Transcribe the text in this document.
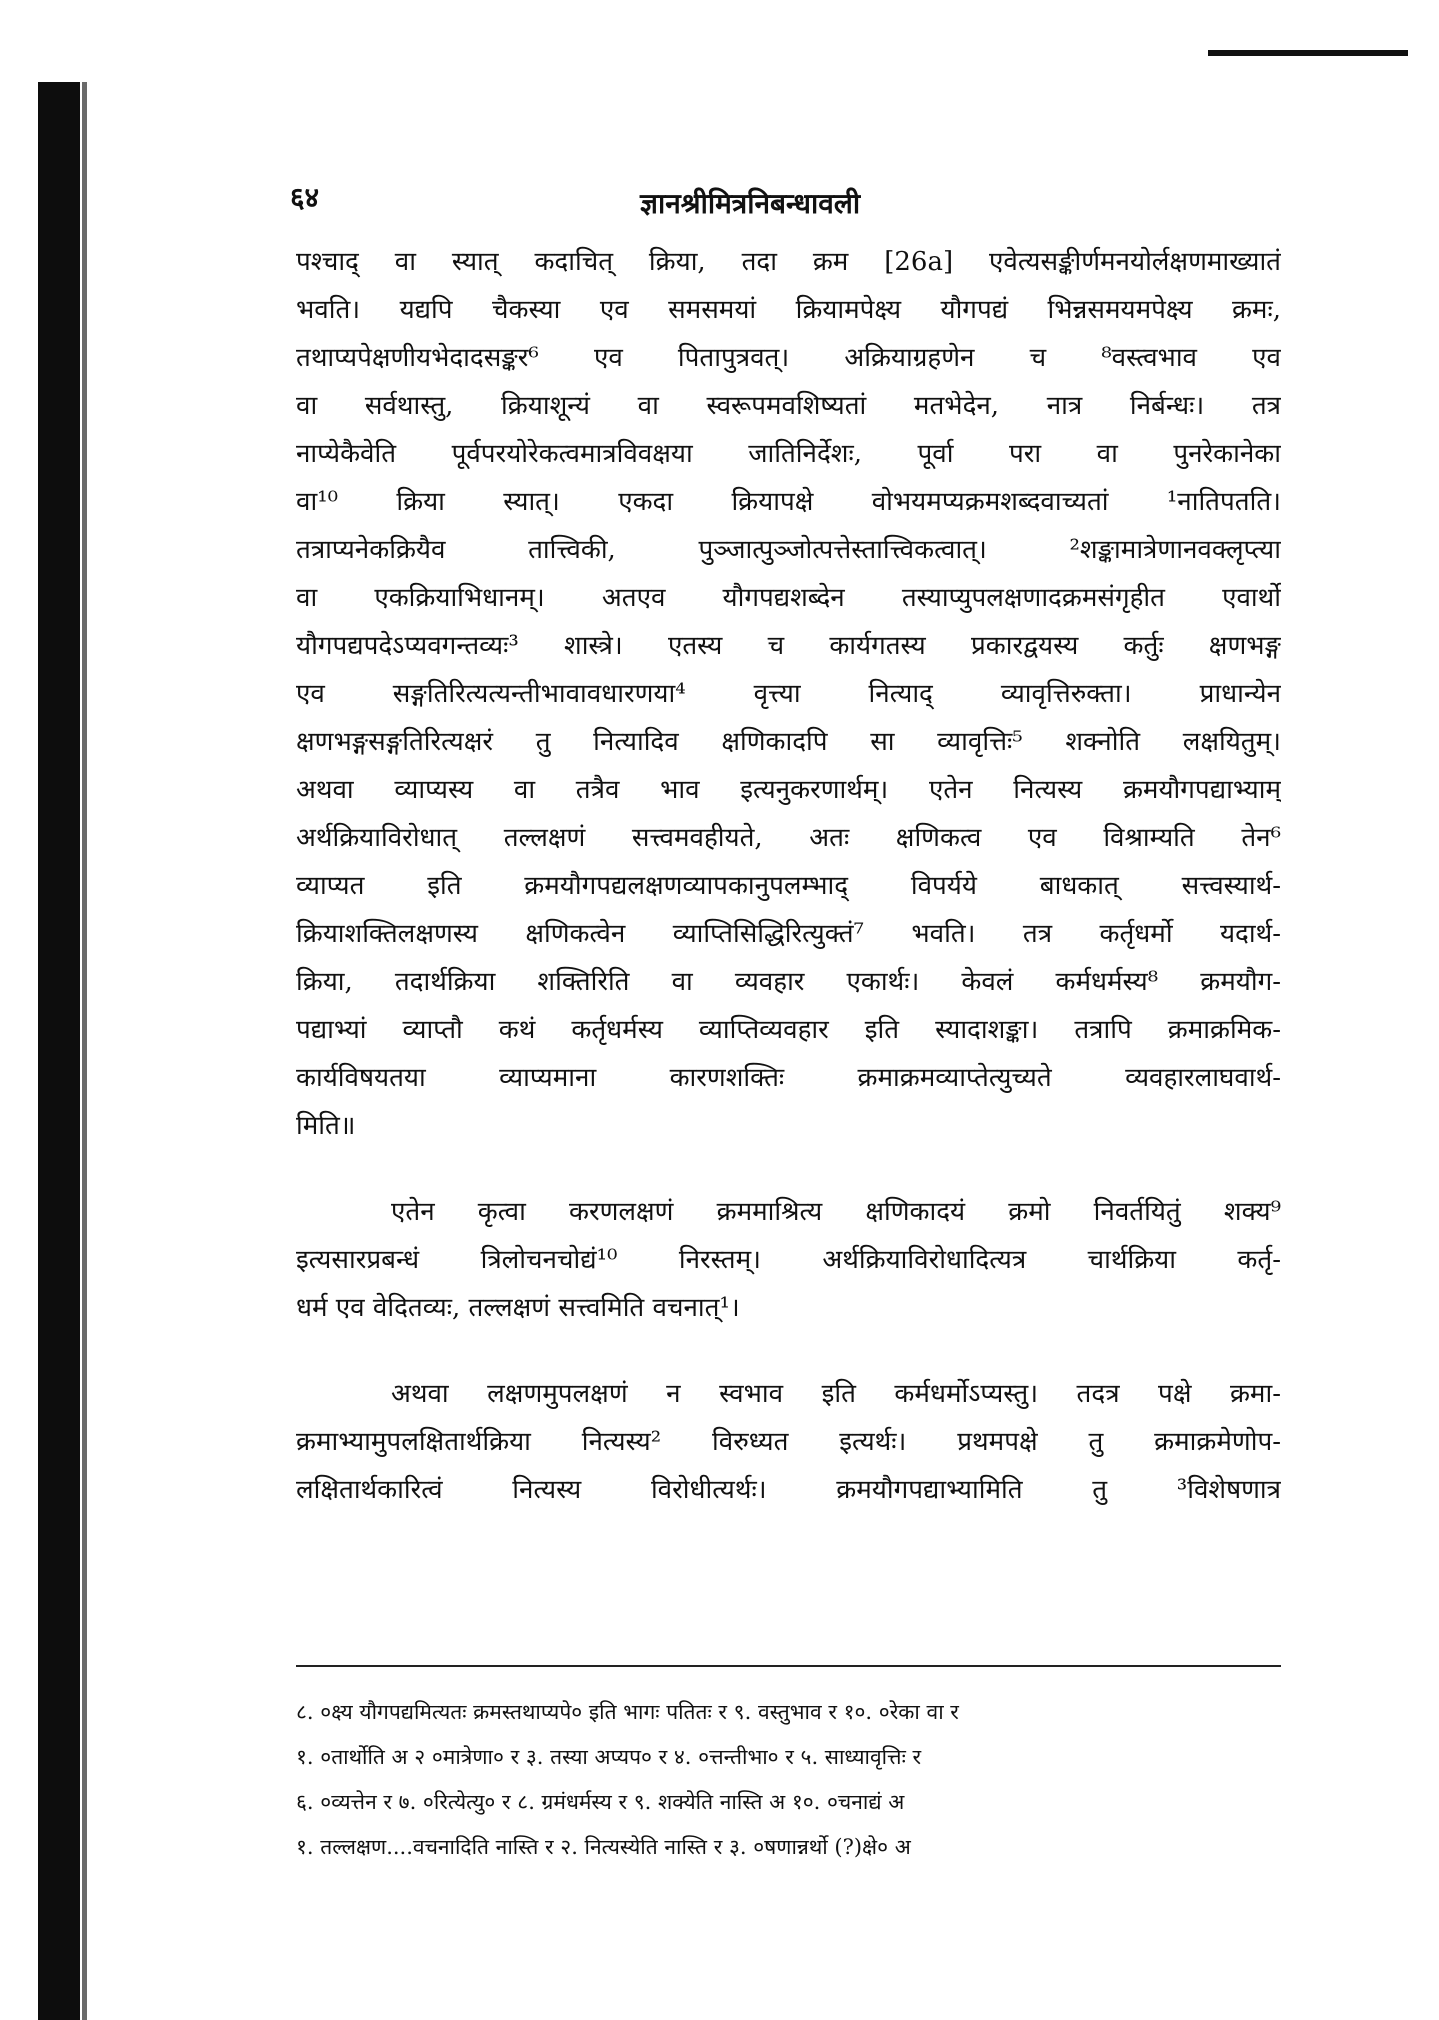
६४	ज्ञानश्रीमित्रनिबन्धावली
पश्चाद् वा स्यात् कदाचित् क्रिया, तदा क्रम [26a] एवेत्यसङ्कीर्णमनयोर्लक्षणमाख्यातं
भवति। यद्यपि चैकस्या एव समसमयां क्रियामपेक्ष्य यौगपद्यं भिन्नसमयमपेक्ष्य क्रमः,
तथाप्यपेक्षणीयभेदादसङ्कर⁶ एव पितापुत्रवत्। अक्रियाग्रहणेन च ⁸वस्त्वभाव एव
वा सर्वथास्तु, क्रियाशून्यं वा स्वरूपमवशिष्यतां मतभेदेन, नात्र निर्बन्धः। तत्र
नाप्येकैवेति पूर्वपरयोरेकत्वमात्रविवक्षया जातिनिर्देशः, पूर्वा परा वा पुनरेकानेका
वा¹⁰ क्रिया स्यात्। एकदा क्रियापक्षे वोभयमप्यक्रमशब्दवाच्यतां ¹नातिपतति।
तत्राप्यनेकक्रियैव तात्त्विकी, पुञ्जात्पुञ्जोत्पत्तेस्तात्त्विकत्वात्। ²शङ्कामात्रेणानवक्लृप्त्या
वा एकक्रियाभिधानम्। अतएव यौगपद्यशब्देन तस्याप्युपलक्षणादक्रमसंगृहीत एवार्थो
यौगपद्यपदेऽप्यवगन्तव्यः³ शास्त्रे। एतस्य च कार्यगतस्य प्रकारद्वयस्य कर्तुः क्षणभङ्ग
एव सङ्गतिरित्यत्यन्तीभावावधारणया⁴ वृत्त्या नित्याद् व्यावृत्तिरुक्ता। प्राधान्येन
क्षणभङ्गसङ्गतिरित्यक्षरं तु नित्यादिव क्षणिकादपि सा व्यावृत्तिः⁵ शक्नोति लक्षयितुम्।
अथवा व्याप्यस्य वा तत्रैव भाव इत्यनुकरणार्थम्। एतेन नित्यस्य क्रमयौगपद्याभ्याम्
अर्थक्रियाविरोधात् तल्लक्षणं सत्त्वमवहीयते, अतः क्षणिकत्व एव विश्राम्यति तेन⁶
व्याप्यत इति क्रमयौगपद्यलक्षणव्यापकानुपलम्भाद् विपर्यये बाधकात् सत्त्वस्यार्थ-
क्रियाशक्तिलक्षणस्य क्षणिकत्वेन व्याप्तिसिद्धिरित्युक्तं⁷ भवति। तत्र कर्तृधर्मो यदार्थ-
क्रिया, तदार्थक्रिया शक्तिरिति वा व्यवहार एकार्थः। केवलं कर्मधर्मस्य⁸ क्रमयौग-
पद्याभ्यां व्याप्तौ कथं कर्तृधर्मस्य व्याप्तिव्यवहार इति स्यादाशङ्का। तत्रापि क्रमाक्रमिक-
कार्यविषयतया व्याप्यमाना कारणशक्तिः क्रमाक्रमव्याप्तेत्युच्यते व्यवहारलाघवार्थ-
मिति॥
एतेन कृत्वा करणलक्षणं क्रममाश्रित्य क्षणिकादयं क्रमो निवर्तयितुं शक्य⁹
इत्यसारप्रबन्धं त्रिलोचनचोद्यं¹⁰ निरस्तम्। अर्थक्रियाविरोधादित्यत्र चार्थक्रिया कर्तृ-
धर्म एव वेदितव्यः, तल्लक्षणं सत्त्वमिति वचनात्¹।
अथवा लक्षणमुपलक्षणं न स्वभाव इति कर्मधर्मोऽप्यस्तु। तदत्र पक्षे क्रमा-
क्रमाभ्यामुपलक्षितार्थक्रिया नित्यस्य² विरुध्यत इत्यर्थः। प्रथमपक्षे तु क्रमाक्रमेणोप-
लक्षितार्थकारित्वं नित्यस्य विरोधीत्यर्थः। क्रमयौगपद्याभ्यामिति तु ³विशेषणात्र
८. ०क्ष्य यौगपद्यमित्यतः क्रमस्तथाप्यपे० इति भागः पतितः र ९. वस्तुभाव र १०. ०रेका वा र
१. ०तार्थोति अ २ ०मात्रेणा० र ३. तस्या अप्यप० र ४. ०त्तन्तीभा० र ५. साध्यावृत्तिः र
६. ०व्यत्तेन र ७. ०रित्येत्यु० र ८. ग्रमंधर्मस्य र ९. शक्येति नास्ति अ १०. ०चनाद्यं अ
१. तल्लक्षण....वचनादिति नास्ति र २. नित्यस्येति नास्ति र ३. ०षणान्नर्थो (?)क्षे० अ
